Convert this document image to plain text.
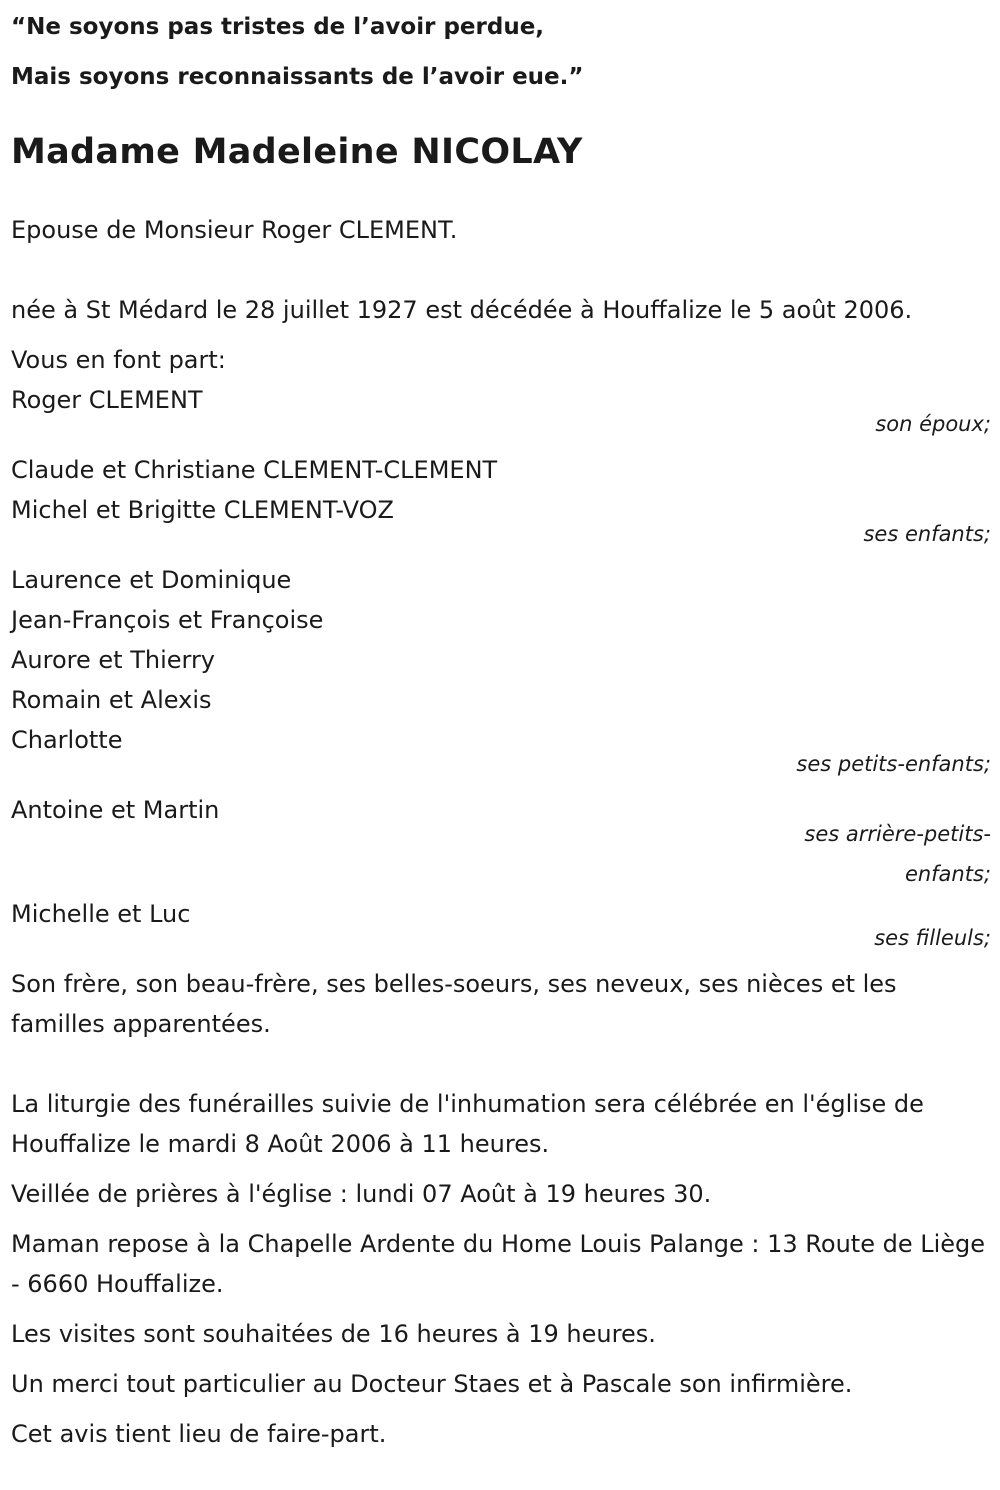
“Ne soyons pas tristes de l’avoir perdue,

Mais soyons reconnaissants de l’avoir eue.”

Madame Madeleine NICOLAY

Epouse de Monsieur Roger CLEMENT.

née à St Médard le 28 juillet 1927 est décédée à Houffalize le 5 août 2006.

Vous en font part:

Roger CLEMENT

son époux;

Claude et Christiane CLEMENT-CLEMENT

Michel et Brigitte CLEMENT-VOZ

ses enfants;

Laurence et Dominique

Jean-François et Françoise

Aurore et Thierry

Romain et Alexis

Charlotte

ses petits-enfants;

Antoine et Martin

ses arrière-petits-

enfants;

Michelle et Luc

ses filleuls;

Son frère, son beau-frère, ses belles-soeurs, ses neveux, ses nièces et les familles apparentées.

La liturgie des funérailles suivie de l'inhumation sera célébrée en l'église de Houffalize le mardi 8 Août 2006 à 11 heures.

Veillée de prières à l'église : lundi 07 Août à 19 heures 30.

Maman repose à la Chapelle Ardente du Home Louis Palange : 13 Route de Liège - 6660 Houffalize.

Les visites sont souhaitées de 16 heures à 19 heures.

Un merci tout particulier au Docteur Staes et à Pascale son infirmière.

Cet avis tient lieu de faire-part.
